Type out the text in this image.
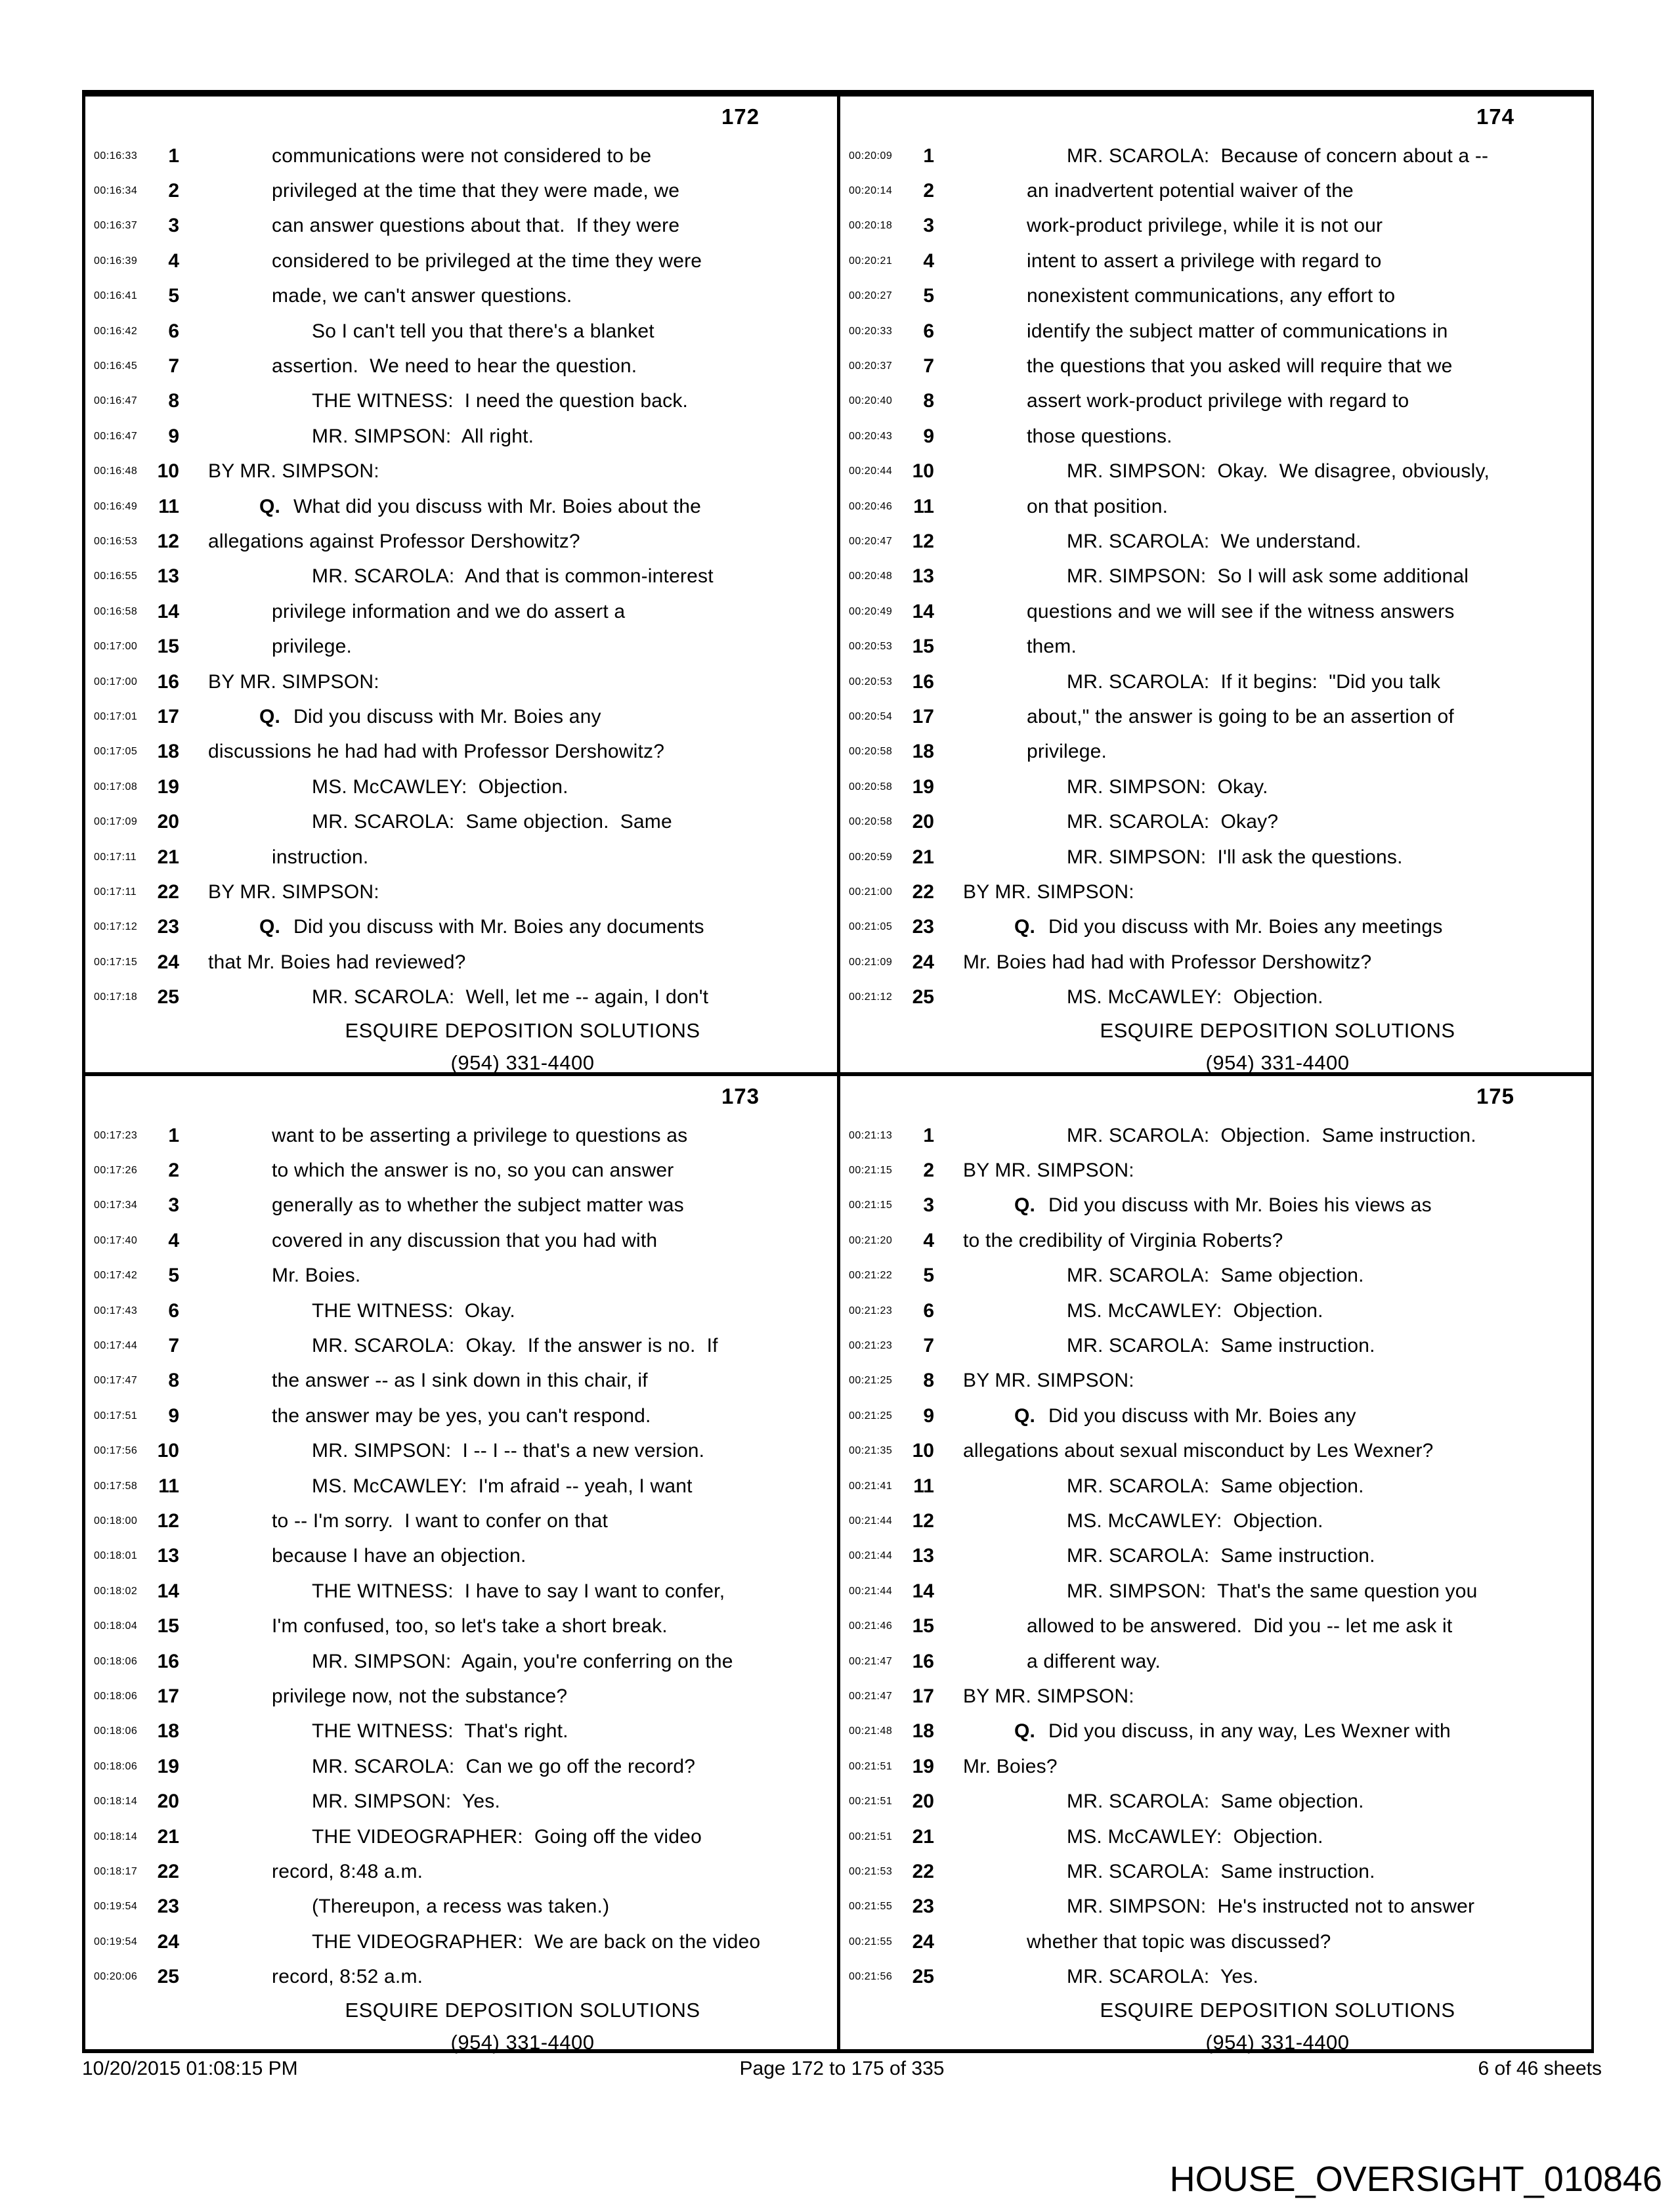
172
00:16:33	1	communications were not considered to be
00:16:34	2	privileged at the time that they were made, we
00:16:37	3	can answer questions about that.  If they were
00:16:39	4	considered to be privileged at the time they were
00:16:41	5	made, we can't answer questions.
00:16:42	6	So I can't tell you that there's a blanket
00:16:45	7	assertion.  We need to hear the question.
00:16:47	8	THE WITNESS:  I need the question back.
00:16:47	9	MR. SIMPSON:  All right.
00:16:48	10 BY MR. SIMPSON:
00:16:49	11	Q. What did you discuss with Mr. Boies about the
00:16:53	12 allegations against Professor Dershowitz?
00:16:55	13	MR. SCAROLA:  And that is common-interest
00:16:58	14	privilege information and we do assert a
00:17:00	15	privilege.
00:17:00	16 BY MR. SIMPSON:
00:17:01	17	Q. Did you discuss with Mr. Boies any
00:17:05	18 discussions he had had with Professor Dershowitz?
00:17:08	19	MS. McCAWLEY:  Objection.
00:17:09	20	MR. SCAROLA:  Same objection.  Same
00:17:11	21	instruction.
00:17:11	22 BY MR. SIMPSON:
00:17:12	23	Q. Did you discuss with Mr. Boies any documents
00:17:15	24 that Mr. Boies had reviewed?
00:17:18	25	MR. SCAROLA:  Well, let me -- again, I don't
ESQUIRE DEPOSITION SOLUTIONS
(954) 331-4400
174
00:20:09	1	MR. SCAROLA:  Because of concern about a --
00:20:14	2	an inadvertent potential waiver of the
00:20:18	3	work-product privilege, while it is not our
00:20:21	4	intent to assert a privilege with regard to
00:20:27	5	nonexistent communications, any effort to
00:20:33	6	identify the subject matter of communications in
00:20:37	7	the questions that you asked will require that we
00:20:40	8	assert work-product privilege with regard to
00:20:43	9	those questions.
00:20:44	10	MR. SIMPSON:  Okay.  We disagree, obviously,
00:20:46	11	on that position.
00:20:47	12	MR. SCAROLA:  We understand.
00:20:48	13	MR. SIMPSON:  So I will ask some additional
00:20:49	14	questions and we will see if the witness answers
00:20:53	15	them.
00:20:53	16	MR. SCAROLA:  If it begins:  "Did you talk
00:20:54	17	about," the answer is going to be an assertion of
00:20:58	18	privilege.
00:20:58	19	MR. SIMPSON:  Okay.
00:20:58	20	MR. SCAROLA:  Okay?
00:20:59	21	MR. SIMPSON:  I'll ask the questions.
00:21:00	22 BY MR. SIMPSON:
00:21:05	23	Q. Did you discuss with Mr. Boies any meetings
00:21:09	24 Mr. Boies had had with Professor Dershowitz?
00:21:12	25	MS. McCAWLEY:  Objection.
ESQUIRE DEPOSITION SOLUTIONS
(954) 331-4400
173
00:17:23	1	want to be asserting a privilege to questions as
00:17:26	2	to which the answer is no, so you can answer
00:17:34	3	generally as to whether the subject matter was
00:17:40	4	covered in any discussion that you had with
00:17:42	5	Mr. Boies.
00:17:43	6	THE WITNESS:  Okay.
00:17:44	7	MR. SCAROLA:  Okay.  If the answer is no.  If
00:17:47	8	the answer -- as I sink down in this chair, if
00:17:51	9	the answer may be yes, you can't respond.
00:17:56	10	MR. SIMPSON:  I -- I -- that's a new version.
00:17:58	11	MS. McCAWLEY:  I'm afraid -- yeah, I want
00:18:00	12	to -- I'm sorry.  I want to confer on that
00:18:01	13	because I have an objection.
00:18:02	14	THE WITNESS:  I have to say I want to confer,
00:18:04	15	I'm confused, too, so let's take a short break.
00:18:06	16	MR. SIMPSON:  Again, you're conferring on the
00:18:06	17	privilege now, not the substance?
00:18:06	18	THE WITNESS:  That's right.
00:18:06	19	MR. SCAROLA:  Can we go off the record?
00:18:14	20	MR. SIMPSON:  Yes.
00:18:14	21	THE VIDEOGRAPHER:  Going off the video
00:18:17	22	record, 8:48 a.m.
00:19:54	23	(Thereupon, a recess was taken.)
00:19:54	24	THE VIDEOGRAPHER:  We are back on the video
00:20:06	25	record, 8:52 a.m.
ESQUIRE DEPOSITION SOLUTIONS
(954) 331-4400
175
00:21:13	1	MR. SCAROLA:  Objection.  Same instruction.
00:21:15	2 BY MR. SIMPSON:
00:21:15	3	Q. Did you discuss with Mr. Boies his views as
00:21:20	4 to the credibility of Virginia Roberts?
00:21:22	5	MR. SCAROLA:  Same objection.
00:21:23	6	MS. McCAWLEY:  Objection.
00:21:23	7	MR. SCAROLA:  Same instruction.
00:21:25	8 BY MR. SIMPSON:
00:21:25	9	Q. Did you discuss with Mr. Boies any
00:21:35	10 allegations about sexual misconduct by Les Wexner?
00:21:41	11	MR. SCAROLA:  Same objection.
00:21:44	12	MS. McCAWLEY:  Objection.
00:21:44	13	MR. SCAROLA:  Same instruction.
00:21:44	14	MR. SIMPSON:  That's the same question you
00:21:46	15	allowed to be answered.  Did you -- let me ask it
00:21:47	16	a different way.
00:21:47	17 BY MR. SIMPSON:
00:21:48	18	Q. Did you discuss, in any way, Les Wexner with
00:21:51	19 Mr. Boies?
00:21:51	20	MR. SCAROLA:  Same objection.
00:21:51	21	MS. McCAWLEY:  Objection.
00:21:53	22	MR. SCAROLA:  Same instruction.
00:21:55	23	MR. SIMPSON:  He's instructed not to answer
00:21:55	24	whether that topic was discussed?
00:21:56	25	MR. SCAROLA:  Yes.
ESQUIRE DEPOSITION SOLUTIONS
(954) 331-4400
10/20/2015 01:08:15 PM	Page 172 to 175 of 335	6 of 46 sheets
HOUSE_OVERSIGHT_010846
